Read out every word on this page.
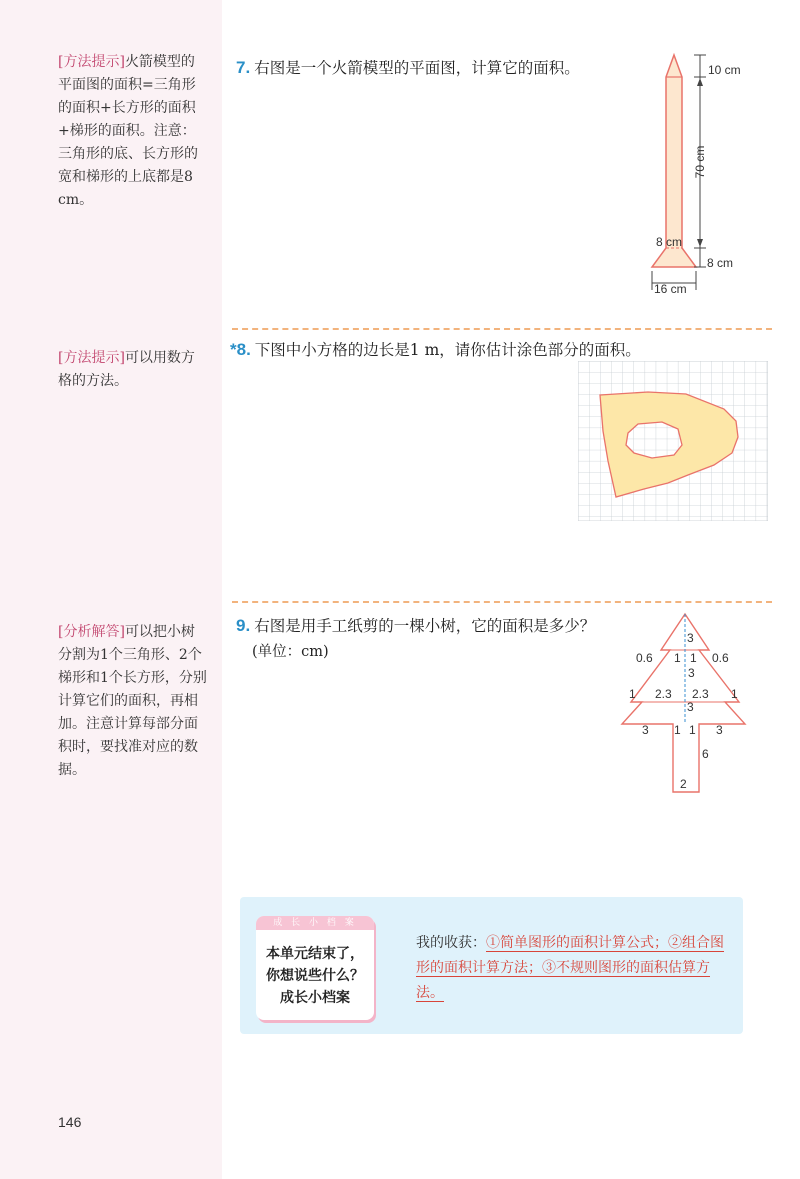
[方法提示]火箭模型的平面图的面积=三角形的面积+长方形的面积+梯形的面积。注意：三角形的底、长方形的宽和梯形的上底都是8 cm。
7. 右图是一个火箭模型的平面图，计算它的面积。	10 cm
70 cm
8 cm
8 cm
16 cm
[方法提示]可以用数方格的方法。
*8. 下图中小方格的边长是1 m，请你估计涂色部分的面积。
[分析解答]可以把小树分割为1个三角形、2个梯形和1个长方形，分别计算它们的面积，再相加。注意计算每部分面积时，要找准对应的数据。
9. 右图是用手工纸剪的一棵小树，它的面积是多少？
(单位：cm)
3
0.6 1 1 0.6
3
1 2.3 2.3 1
3
3 1 1 3
6
2
成 长 小 档 案
本单元结束了，
你想说些什么？
成长小档案
我的收获：①简单图形的面积计算公式；②组合图形的面积计算方法；③不规则图形的面积估算方法。
146
